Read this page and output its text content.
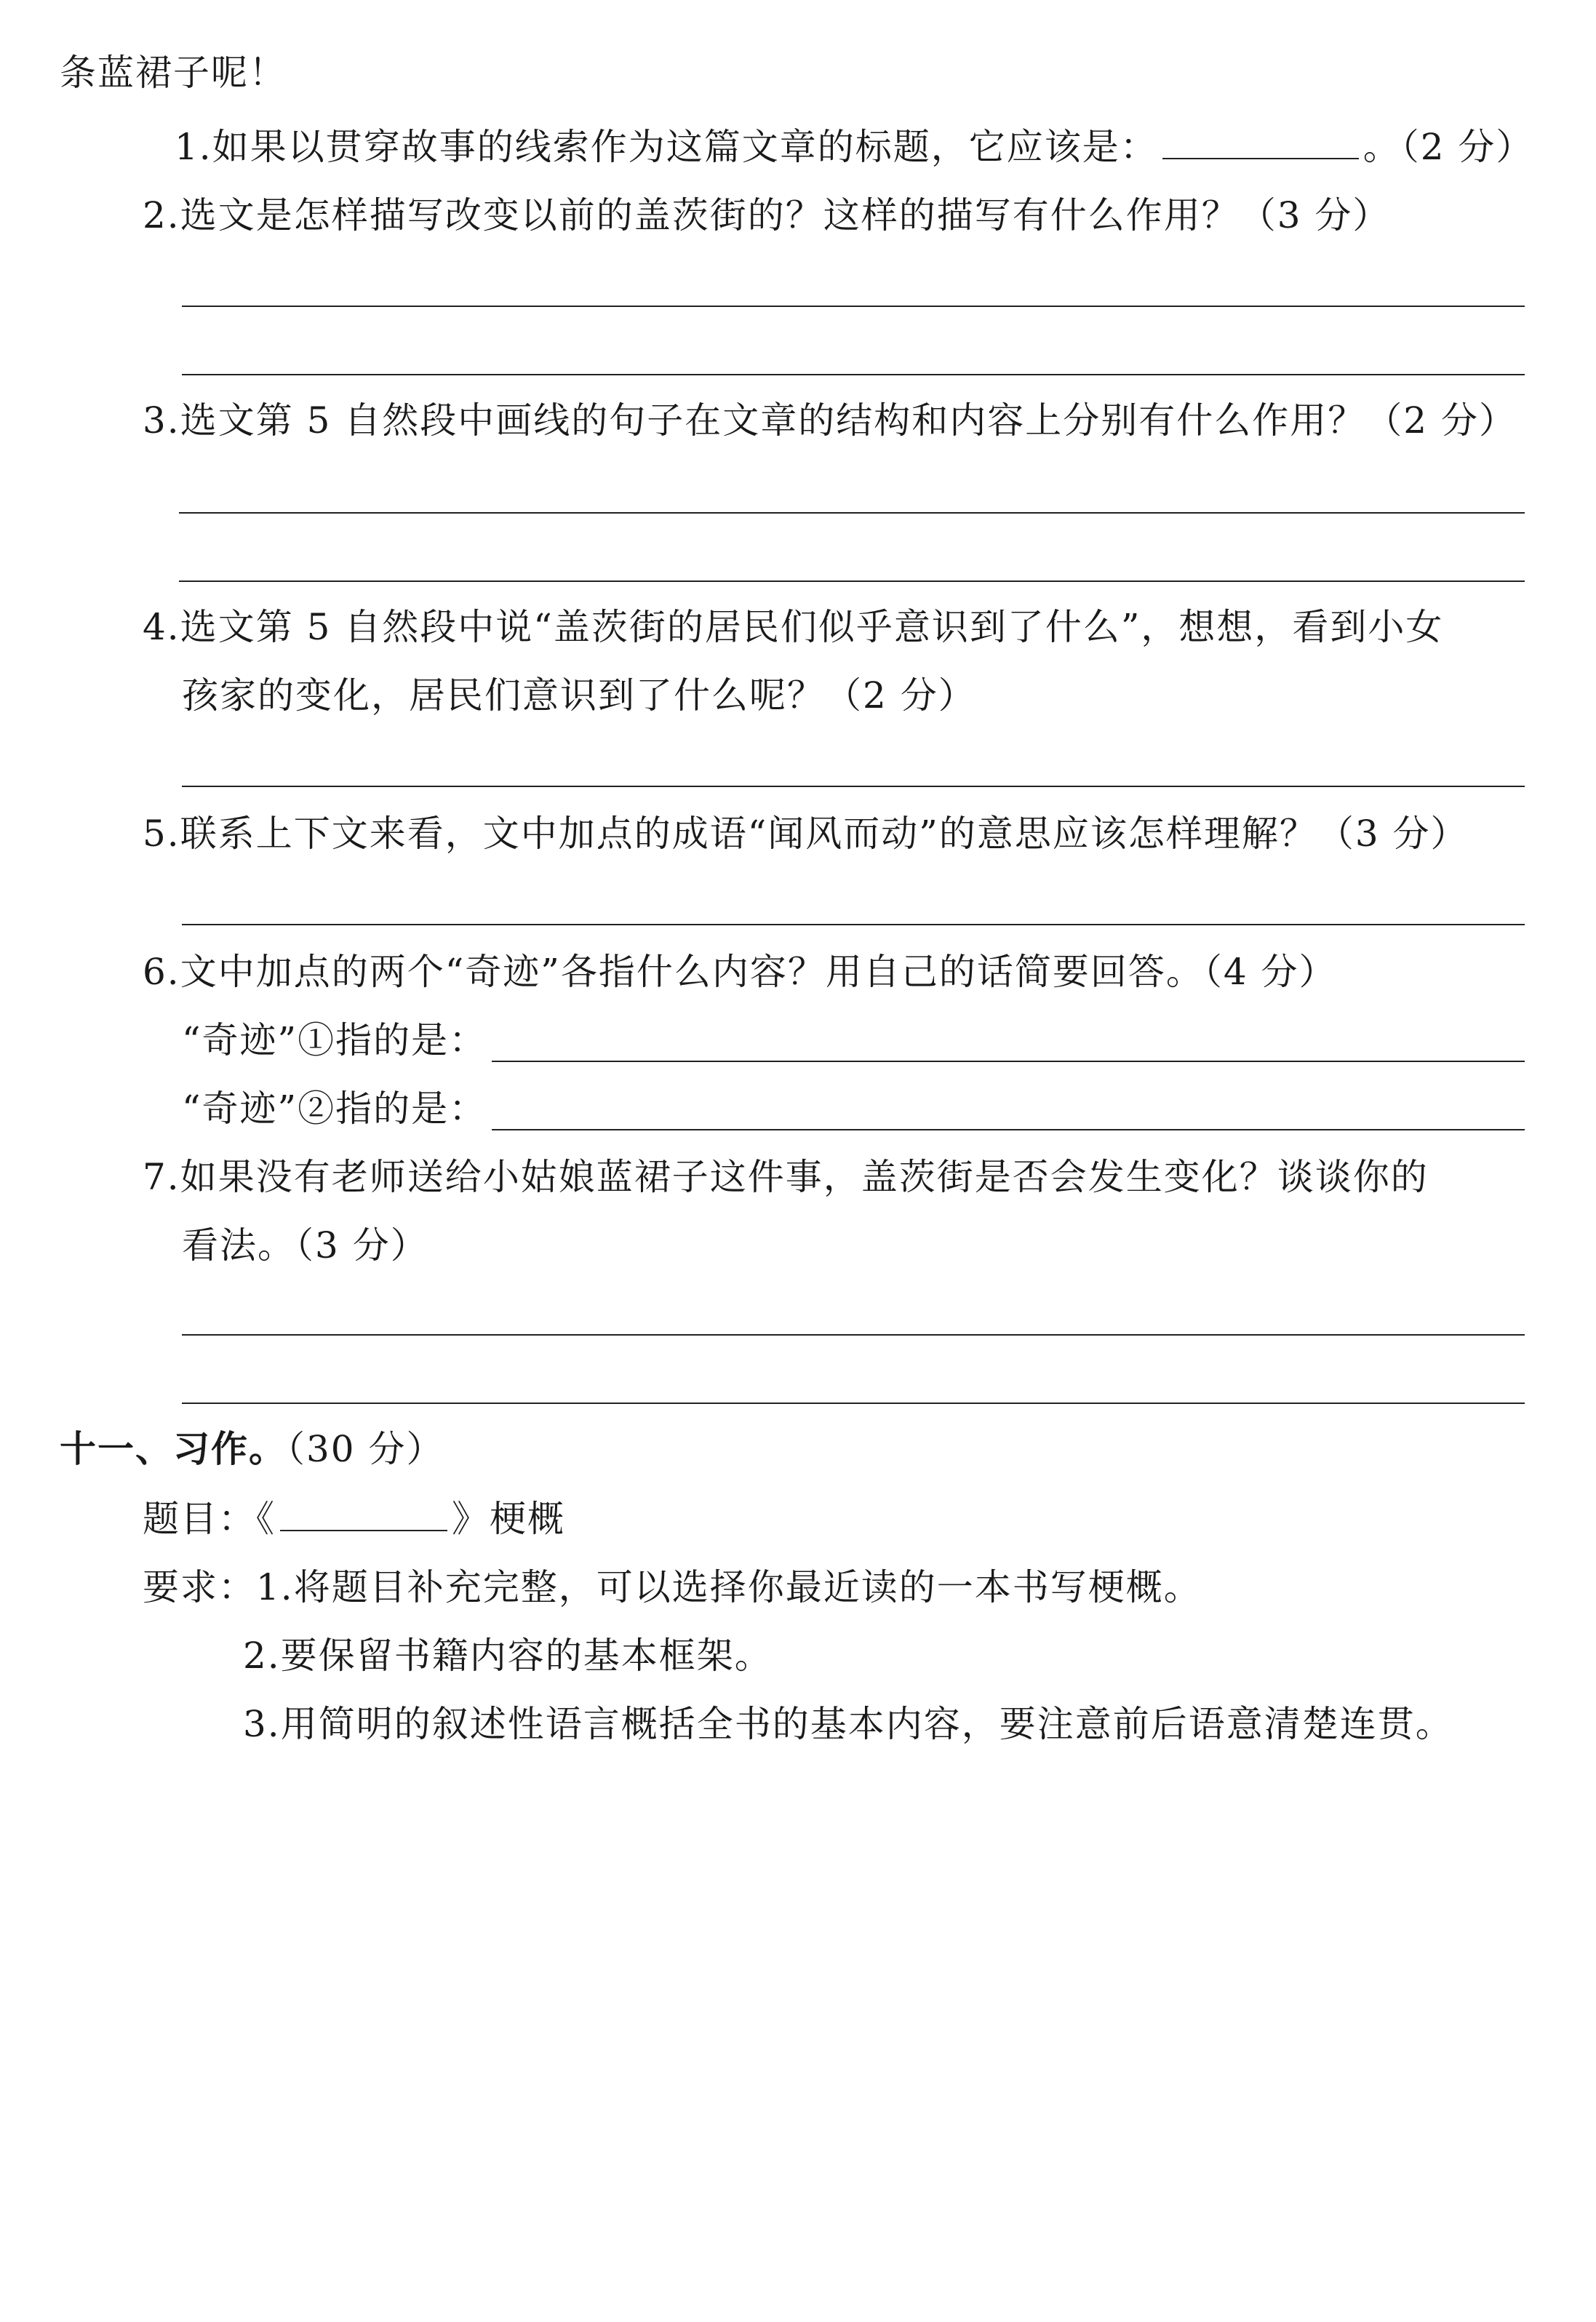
条蓝裙子呢！
1.如果以贯穿故事的线索作为这篇文章的标题，它应该是：	。（2 分）
2.选文是怎样描写改变以前的盖茨街的？这样的描写有什么作用？（3 分）
3.选文第 5 自然段中画线的句子在文章的结构和内容上分别有什么作用？（2 分）
4.选文第 5 自然段中说“盖茨街的居民们似乎意识到了什么”，想想，看到小女
孩家的变化，居民们意识到了什么呢？（2 分）
5.联系上下文来看，文中加点的成语“闻风而动”的意思应该怎样理解？（3 分）
6.文中加点的两个“奇迹”各指什么内容？用自己的话简要回答。（4 分）
“奇迹”①指的是：
“奇迹”②指的是：
7.如果没有老师送给小姑娘蓝裙子这件事，盖茨街是否会发生变化？谈谈你的
看法。（3 分）
十一、习作。（30 分）
题目：《	》梗概
要求：1.将题目补充完整，可以选择你最近读的一本书写梗概。
2.要保留书籍内容的基本框架。
3.用简明的叙述性语言概括全书的基本内容，要注意前后语意清楚连贯。
